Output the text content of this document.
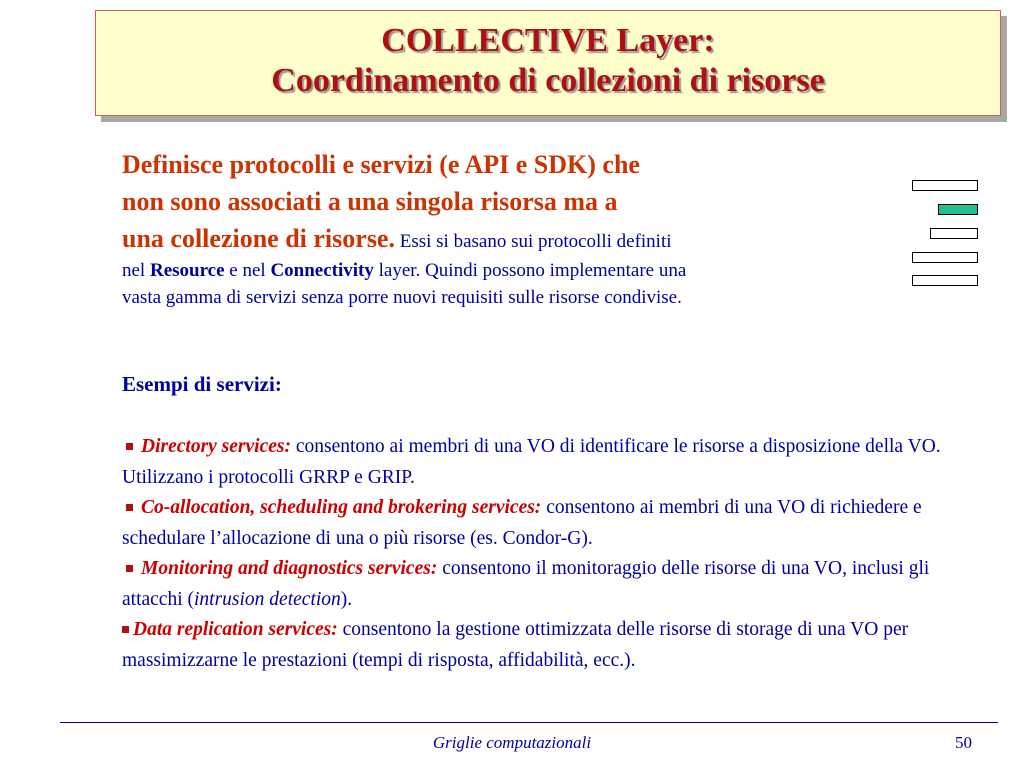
COLLECTIVE Layer:
Coordinamento di collezioni di risorse
Definisce protocolli e servizi (e API e SDK) che
non sono associati a una singola risorsa ma a
una collezione di risorse. Essi si basano sui protocolli definiti
nel Resource e nel Connectivity layer. Quindi possono implementare una
vasta gamma di servizi senza porre nuovi requisiti sulle risorse condivise.
Esempi di servizi:
Directory services: consentono ai membri di una VO di identificare le risorse a disposizione della VO. Utilizzano i protocolli GRRP e GRIP.
Co-allocation, scheduling and brokering services: consentono ai membri di una VO di richiedere e schedulare l’allocazione di una o più risorse (es. Condor-G).
Monitoring and diagnostics services: consentono il monitoraggio delle risorse di una VO, inclusi gli attacchi (intrusion detection).
Data replication services: consentono la gestione ottimizzata delle risorse di storage di una VO per massimizzarne le prestazioni (tempi di risposta, affidabilità, ecc.).
Griglie computazionali	50
